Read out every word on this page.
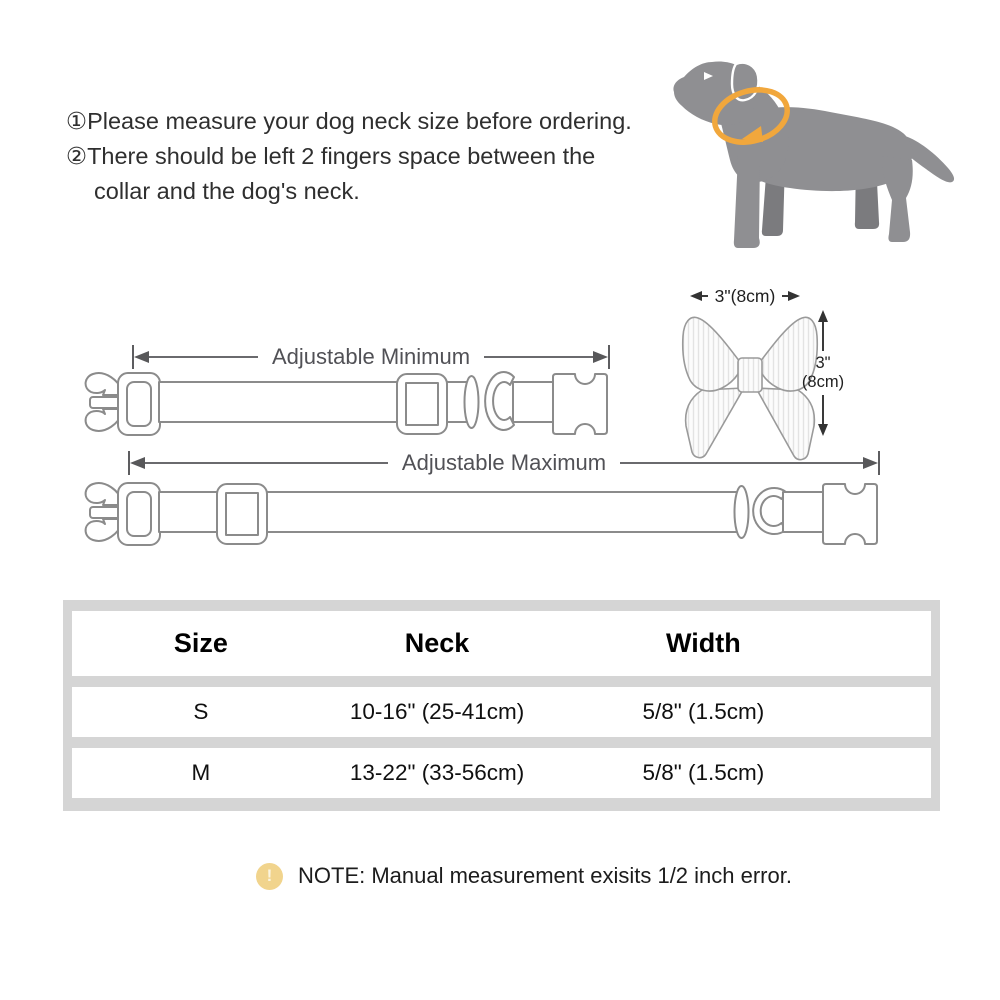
①Please measure your dog neck size before ordering.
②There should be left 2 fingers space between the
collar and the dog's neck.
Adjustable Minimum
3"(8cm)
3"
(8cm)
Adjustable Maximum
Size	Neck	Width
S	10-16" (25-41cm)	5/8" (1.5cm)
M	13-22" (33-56cm)	5/8" (1.5cm)
!	NOTE: Manual measurement exisits 1/2 inch error.
